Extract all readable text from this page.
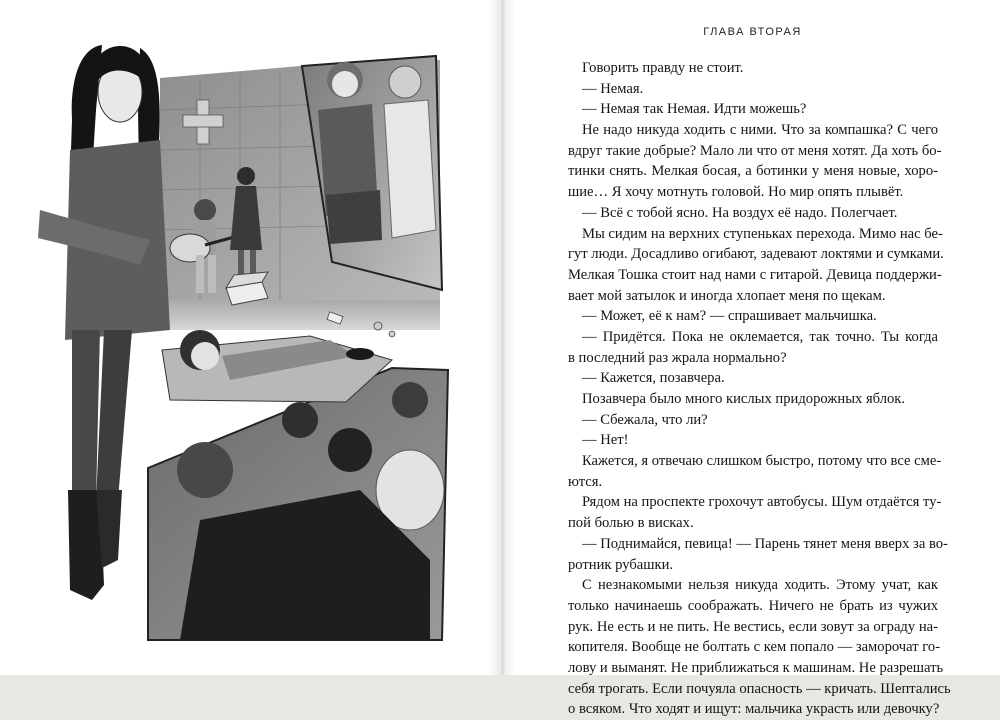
ГЛАВА ВТОРАЯ
Говорить правду не стоит.
— Немая.
— Немая так Немая. Идти можешь?
Не надо никуда ходить с ними. Что за компашка? С чего
вдруг такие добрые? Мало ли что от меня хотят. Да хоть бо-
тинки снять. Мелкая босая, а ботинки у меня новые, хоро-
шие… Я хочу мотнуть головой. Но мир опять плывёт.
— Всё с тобой ясно. На воздух её надо. Полегчает.
Мы сидим на верхних ступеньках перехода. Мимо нас бе-
гут люди. Досадливо огибают, задевают локтями и сумками.
Мелкая Тошка стоит над нами с гитарой. Девица поддержи-
вает мой затылок и иногда хлопает меня по щекам.
— Может, её к нам? — спрашивает мальчишка.
— Придётся. Пока не оклемается, так точно. Ты когда
в последний раз жрала нормально?
— Кажется, позавчера.
Позавчера было много кислых придорожных яблок.
— Сбежала, что ли?
— Нет!
Кажется, я отвечаю слишком быстро, потому что все сме-
ются.
Рядом на проспекте грохочут автобусы. Шум отдаётся ту-
пой болью в висках.
— Поднимайся, певица! — Парень тянет меня вверх за во-
ротник рубашки.
С незнакомыми нельзя никуда ходить. Этому учат, как
только начинаешь соображать. Ничего не брать из чужих
рук. Не есть и не пить. Не вестись, если зовут за ограду на-
копителя. Вообще не болтать с кем попало — заморочат го-
лову и выманят. Не приближаться к машинам. Не разрешать
себя трогать. Если почуяла опасность — кричать. Шептались
о всяком. Что ходят и ищут: мальчика украсть или девочку?
